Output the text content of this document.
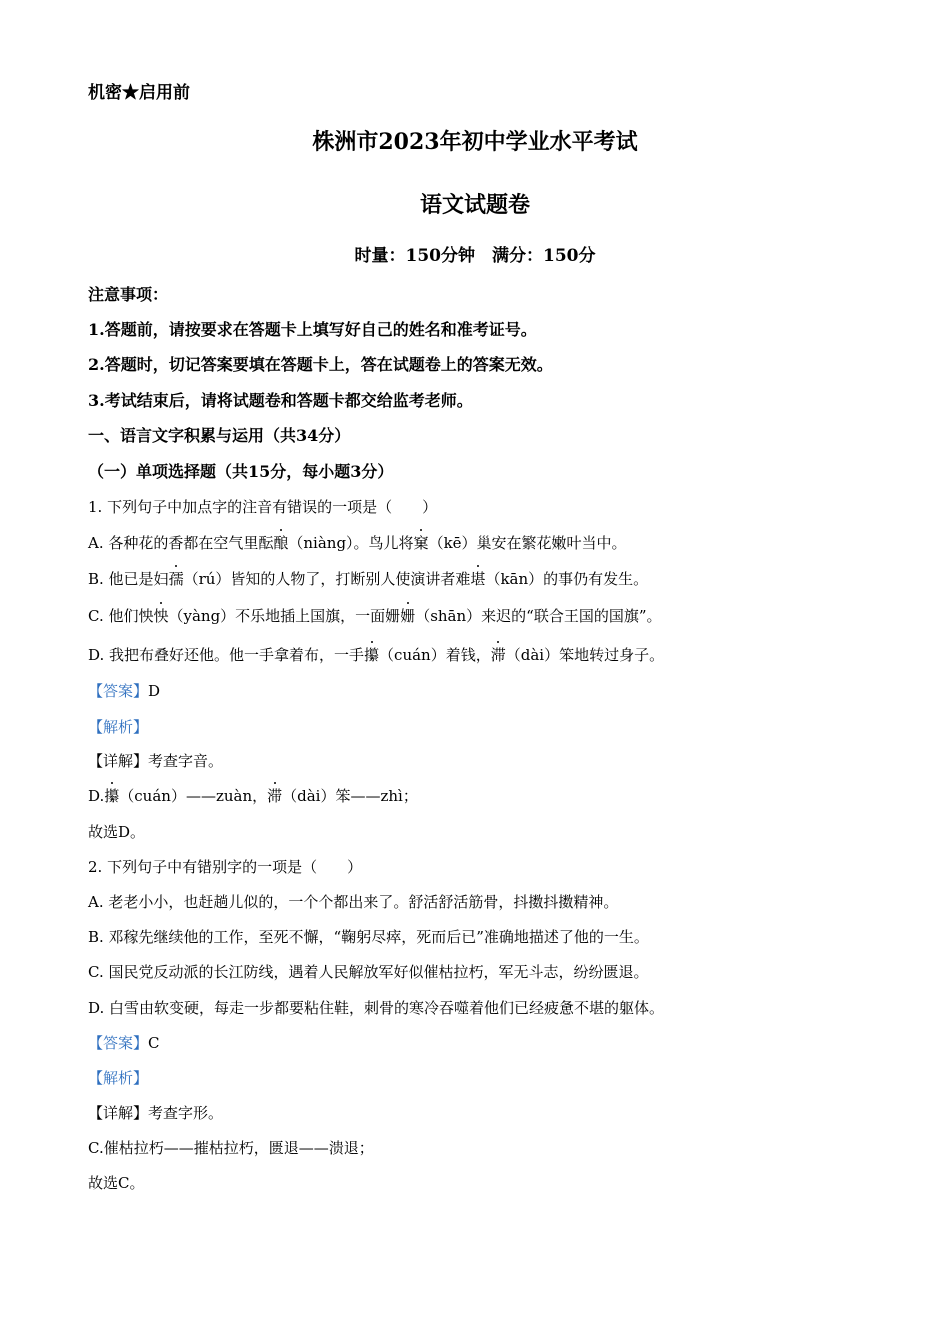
机密★启用前
株洲市2023年初中学业水平考试
语文试题卷
时量：150分钟　满分：150分
注意事项：
1.答题前，请按要求在答题卡上填写好自己的姓名和准考证号。
2.答题时，切记答案要填在答题卡上，答在试题卷上的答案无效。
3.考试结束后，请将试题卷和答题卡都交给监考老师。
一、语言文字积累与运用（共34分）
（一）单项选择题（共15分，每小题3分）
1. 下列句子中加点字的注音有错误的一项是（　　）
A. 各种花的香都在空气里酝酿（niàng）。鸟儿将窠（kē）巢安在繁花嫩叶当中。
B. 他已是妇孺（rú）皆知的人物了，打断别人使演讲者难堪（kān）的事仍有发生。
C. 他们怏怏（yàng）不乐地插上国旗，一面姗姗（shān）来迟的“联合王国的国旗”。
D. 我把布叠好还他。他一手拿着布，一手攥（cuán）着钱，滞（dài）笨地转过身子。
【答案】D
【解析】
【详解】考查字音。
D.攥（cuán）——zuàn，滞（dài）笨——zhì；
故选D。
2. 下列句子中有错别字的一项是（　　）
A. 老老小小，也赶趟儿似的，一个个都出来了。舒活舒活筋骨，抖擞抖擞精神。
B. 邓稼先继续他的工作，至死不懈，“鞠躬尽瘁，死而后已”准确地描述了他的一生。
C. 国民党反动派的长江防线，遇着人民解放军好似催枯拉朽，军无斗志，纷纷匮退。
D. 白雪由软变硬，每走一步都要粘住鞋，刺骨的寒冷吞噬着他们已经疲惫不堪的躯体。
【答案】C
【解析】
【详解】考查字形。
C.催枯拉朽——摧枯拉朽，匮退——溃退；
故选C。
